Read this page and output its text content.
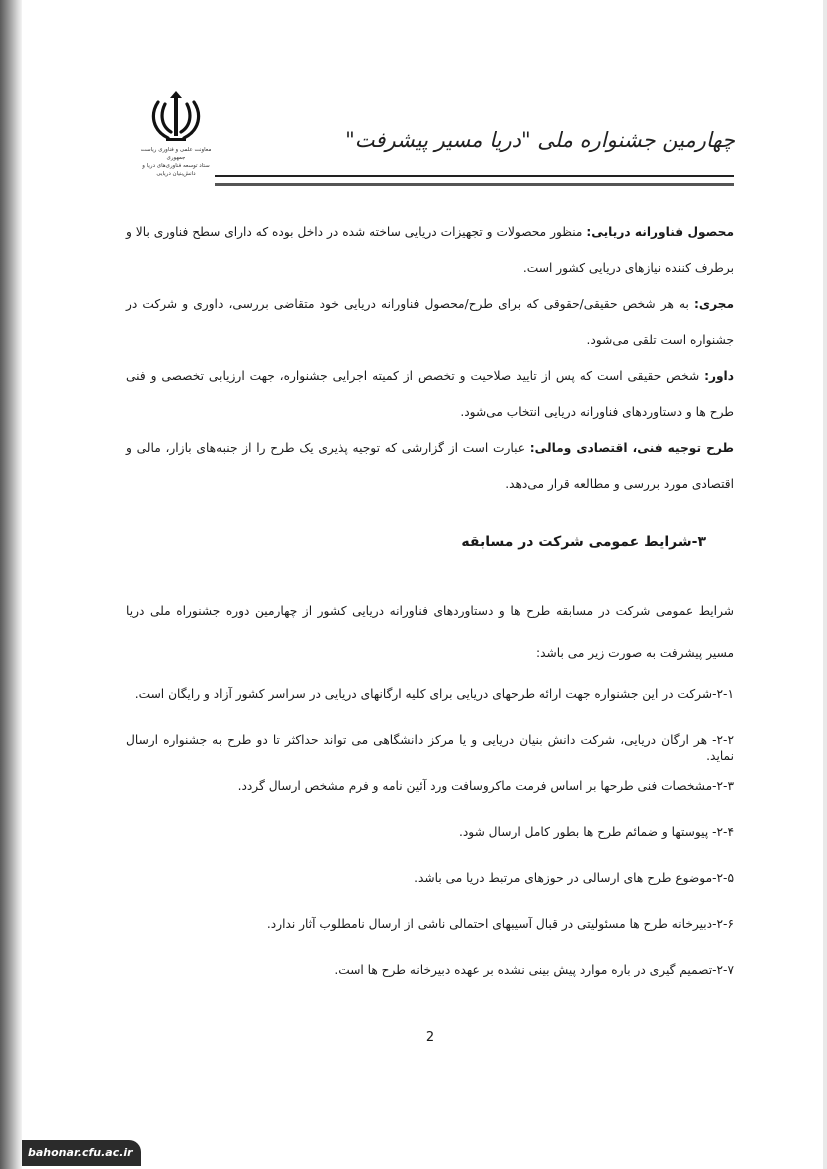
معاونت علمی و فناوری ریاست جمهوری
ستاد توسعه فناوری‌های دریا و دانش‌بنیان دریایی
چهارمین جشنواره ملی "دریا مسیر پیشرفت"

محصول فناورانه دریایی: منظور محصولات و تجهیزات دریایی ساخته شده در داخل بوده که دارای سطح فناوری بالا و برطرف کننده نیازهای دریایی کشور است.

مجری: به هر شخص حقیقی/حقوقی که برای طرح/محصول فناورانه دریایی خود متقاضی بررسی، داوری و شرکت در جشنواره است تلقی می‌شود.

داور: شخص حقیقی است که پس از تایید صلاحیت و تخصص از کمیته اجرایی جشنواره، جهت ارزیابی تخصصی و فنی طرح ها و دستاوردهای فناورانه دریایی انتخاب می‌شود.

طرح توجیه فنی، اقتصادی ومالی: عبارت است از گزارشی که توجیه پذیری یک طرح را از جنبه‌های بازار، مالی و اقتصادی مورد بررسی و مطالعه قرار می‌دهد.

۳-شرایط عمومی شرکت در مسابقه

شرایط عمومی شرکت در مسابقه طرح ها و دستاوردهای فناورانه دریایی کشور از چهارمین دوره جشنوراه ملی دریا مسیر پیشرفت به صورت زیر می باشد:

۲-۱-شرکت در این جشنواره جهت ارائه طرحهای دریایی برای کلیه ارگانهای دریایی در سراسر کشور آزاد و رایگان است.

۲-۲- هر ارگان دریایی، شرکت دانش بنیان دریایی و یا مرکز دانشگاهی می تواند حداکثر تا دو طرح به جشنواره ارسال نماید.

۲-۳-مشخصات فنی طرحها بر اساس فرمت ماکروسافت ورد آئین نامه و فرم مشخص ارسال گردد.

۲-۴- پیوستها و ضمائم طرح ها بطور کامل ارسال شود.

۲-۵-موضوع طرح های ارسالی در حوزهای مرتبط دریا می باشد.

۲-۶-دبیرخانه طرح ها مسئولیتی در قبال آسیبهای احتمالی ناشی از ارسال نامطلوب آثار ندارد.

۲-۷-تصمیم گیری در باره موارد پیش بینی نشده بر عهده دبیرخانه طرح ها است.

2
bahonar.cfu.ac.ir
